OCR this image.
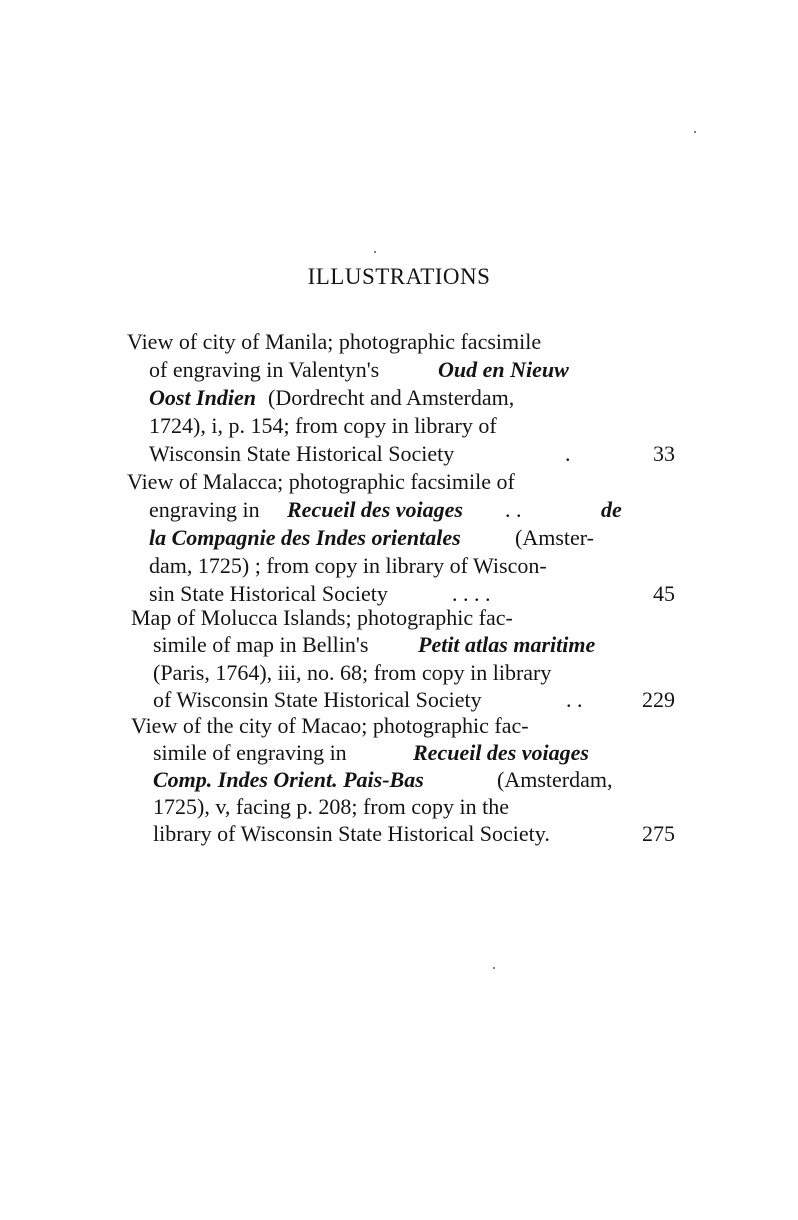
ILLUSTRATIONS
View of city of Manila; photographic facsimile
of engraving in Valentyn's	Oud en Nieuw
Oost Indien (Dordrecht and Amsterdam,
1724), i, p. 154; from copy in library of
Wisconsin State Historical Society	.	33
View of Malacca; photographic facsimile of
engraving in Recueil des voiages . .	de
la Compagnie des Indes orientales (Amster-
dam, 1725) ; from copy in library of Wiscon-
sin State Historical Society	. . . .	45
Map of Molucca Islands; photographic fac-
simile of map in Bellin's Petit atlas maritime
(Paris, 1764), iii, no. 68; from copy in library
of Wisconsin State Historical Society	. .	229
View of the city of Macao; photographic fac-
simile of engraving in	Recueil des voiages
Comp. Indes Orient. Pais-Bas	(Amsterdam,
1725), v, facing p. 208; from copy in the
library of Wisconsin State Historical Society.	275
